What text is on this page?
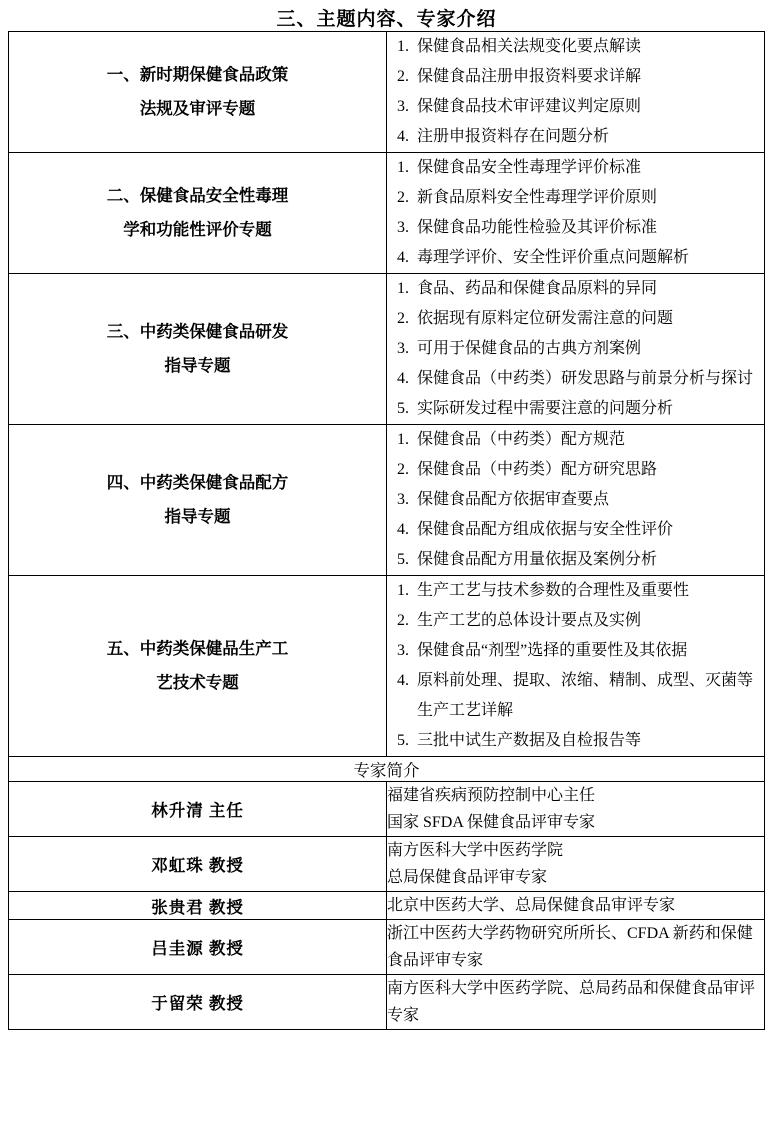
三、主题内容、专家介绍	

一、新时期保健食品政策
法规及审评专题

1. 保健食品相关法规变化要点解读
2. 保健食品注册申报资料要求详解
3. 保健食品技术审评建议判定原则
4. 注册申报资料存在问题分析

二、保健食品安全性毒理
学和功能性评价专题

1. 保健食品安全性毒理学评价标准
2. 新食品原料安全性毒理学评价原则
3. 保健食品功能性检验及其评价标准
4. 毒理学评价、安全性评价重点问题解析

三、中药类保健食品研发
指导专题

1. 食品、药品和保健食品原料的异同
2. 依据现有原料定位研发需注意的问题
3. 可用于保健食品的古典方剂案例
4. 保健食品（中药类）研发思路与前景分析与探讨
5. 实际研发过程中需要注意的问题分析

四、中药类保健食品配方
指导专题

1. 保健食品（中药类）配方规范
2. 保健食品（中药类）配方研究思路
3. 保健食品配方依据审查要点
4. 保健食品配方组成依据与安全性评价
5. 保健食品配方用量依据及案例分析

五、中药类保健品生产工
艺技术专题

1. 生产工艺与技术参数的合理性及重要性
2. 生产工艺的总体设计要点及实例
3. 保健食品“剂型”选择的重要性及其依据
4. 原料前处理、提取、浓缩、精制、成型、灭菌等生产工艺详解
5. 三批中试生产数据及自检报告等

专家简介	
林升清 主任	福建省疾病预防控制中心主任
国家 SFDA 保健食品评审专家

邓虹珠 教授	南方医科大学中医药学院
总局保健食品评审专家

张贵君 教授	北京中医药大学、总局保健食品审评专家

吕圭源 教授	浙江中医药大学药物研究所所长、CFDA 新药和保健食品评审专家

于留荣 教授	南方医科大学中医药学院、总局药品和保健食品审评专家
